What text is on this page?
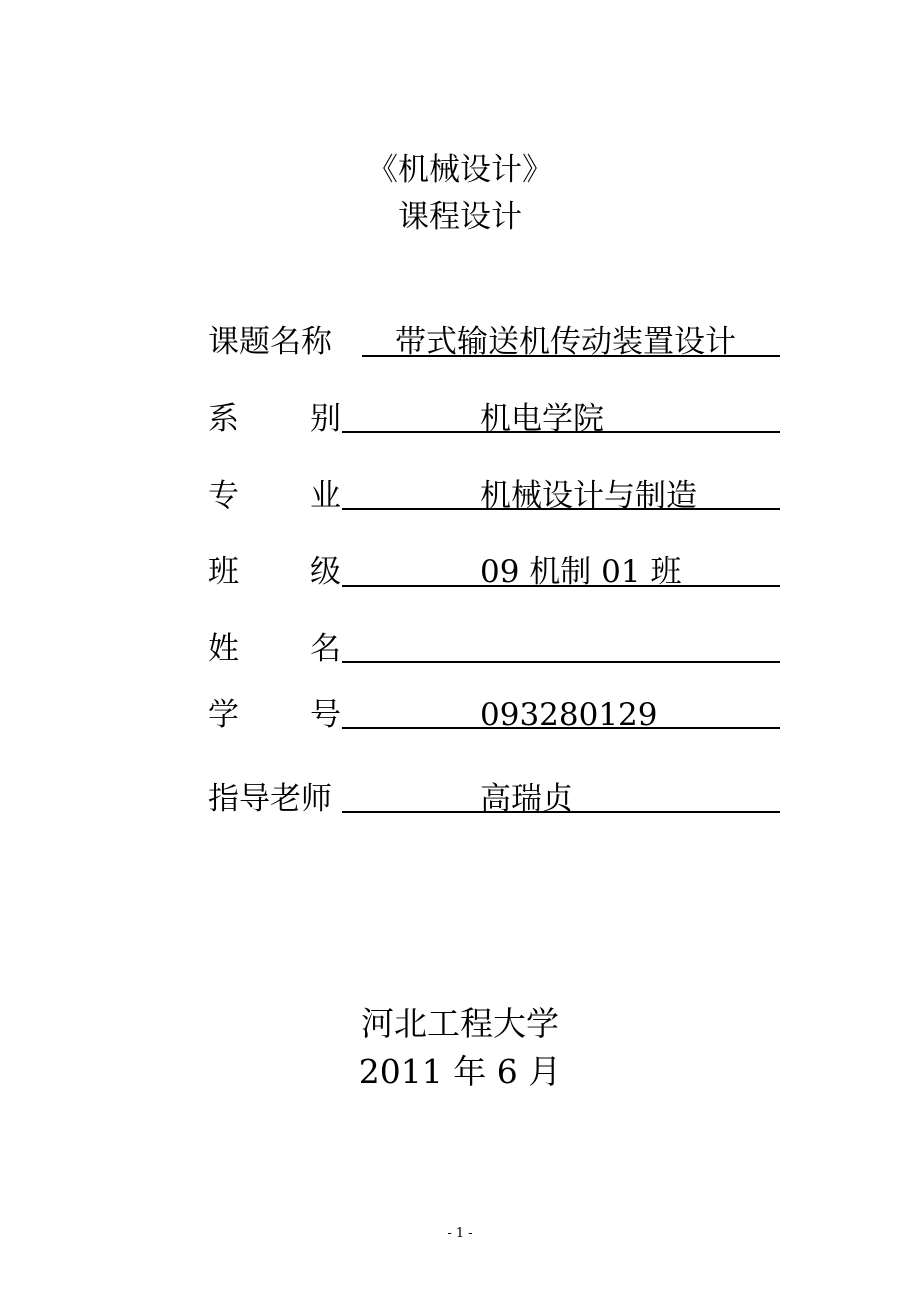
《机械设计》
课程设计
课题名称 带式输送机传动装置设计
系 别	机电学院
专 业	机械设计与制造
班 级	09 机制 01 班
姓 名
学 号	093280129
指导老师	高瑞贞
河北工程大学
2011 年 6 月
- 1 -
